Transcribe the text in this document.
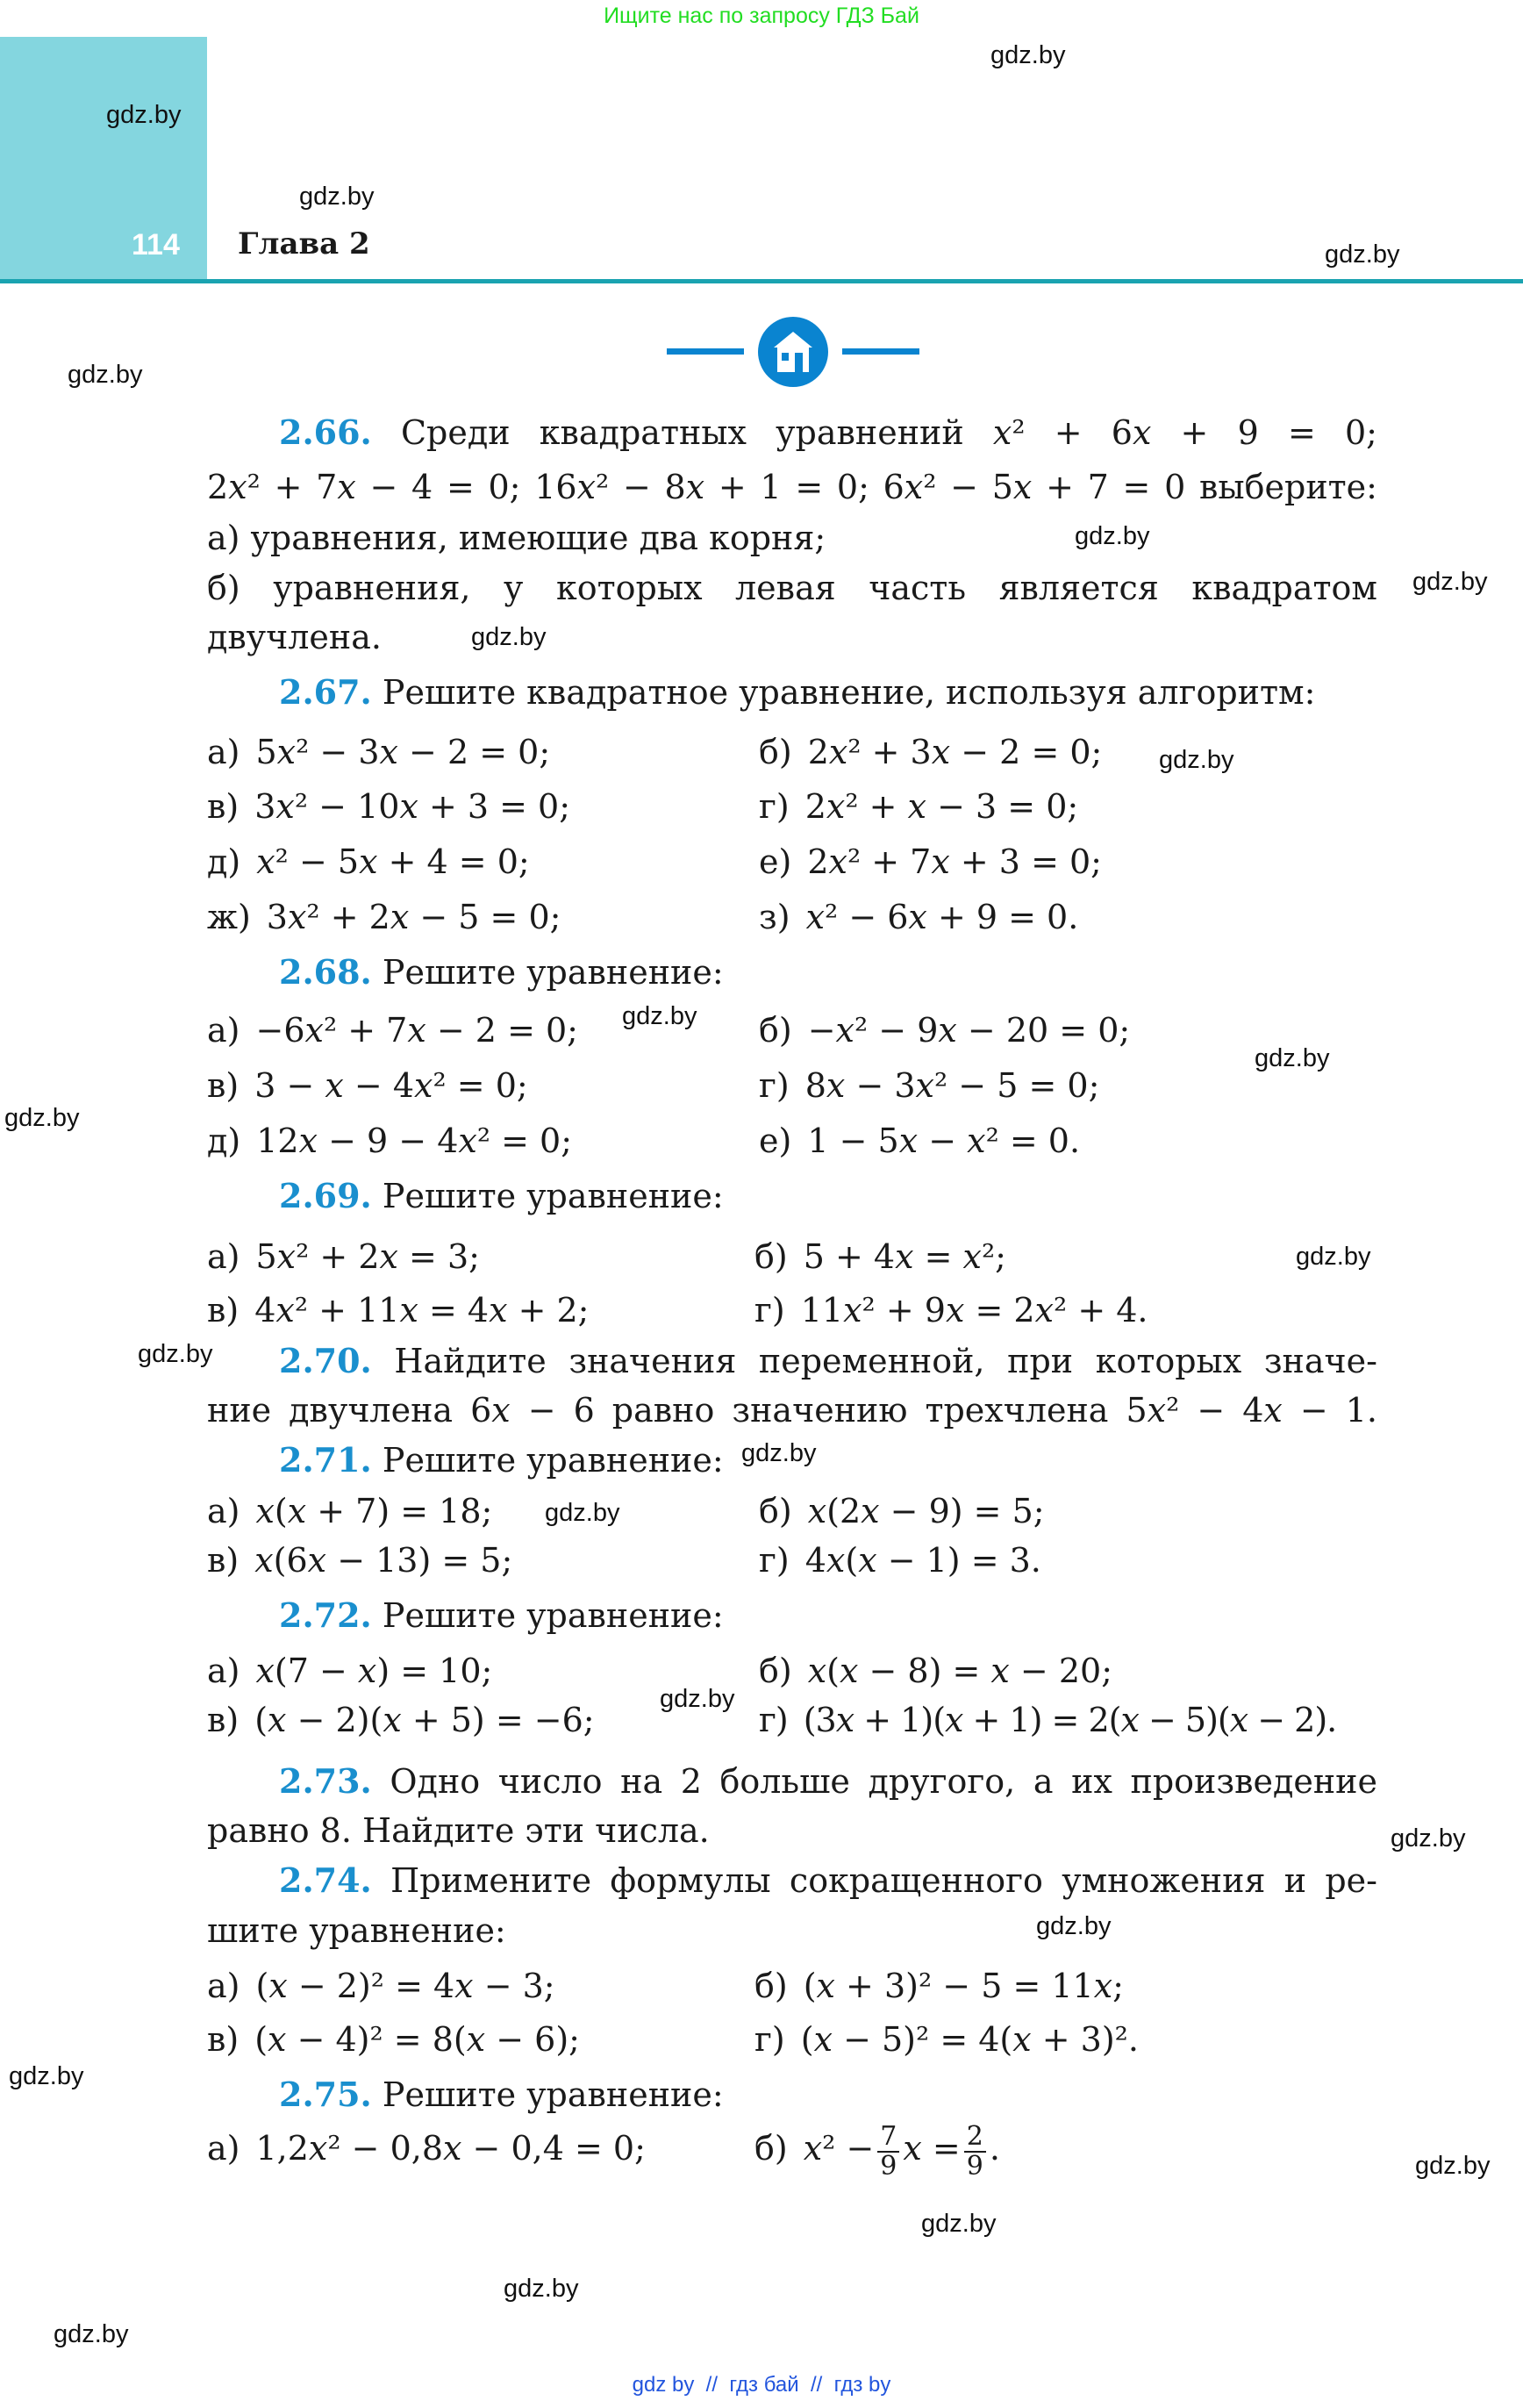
Ищите нас по запросу ГДЗ Бай
114 Глава 2
2.66. Среди квадратных уравнений x² + 6x + 9 = 0;
2x² + 7x − 4 = 0; 16x² − 8x + 1 = 0; 6x² − 5x + 7 = 0 выберите:
а) уравнения, имеющие два корня;
б) уравнения, у которых левая часть является квадратом
двучлена.
2.67. Решите квадратное уравнение, используя алгоритм:
а) 5x² − 3x − 2 = 0;	б) 2x² + 3x − 2 = 0;
в) 3x² − 10x + 3 = 0;	г) 2x² + x − 3 = 0;
д) x² − 5x + 4 = 0;	е) 2x² + 7x + 3 = 0;
ж) 3x² + 2x − 5 = 0;	з) x² − 6x + 9 = 0.
2.68. Решите уравнение:
а) −6x² + 7x − 2 = 0;	б) −x² − 9x − 20 = 0;
в) 3 − x − 4x² = 0;	г) 8x − 3x² − 5 = 0;
д) 12x − 9 − 4x² = 0;	е) 1 − 5x − x² = 0.
2.69. Решите уравнение:
а) 5x² + 2x = 3;	б) 5 + 4x = x²;
в) 4x² + 11x = 4x + 2;	г) 11x² + 9x = 2x² + 4.
2.70. Найдите значения переменной, при которых значе-
ние двучлена 6x − 6 равно значению трехчлена 5x² − 4x − 1.
2.71. Решите уравнение:
а) x(x + 7) = 18;	б) x(2x − 9) = 5;
в) x(6x − 13) = 5;	г) 4x(x − 1) = 3.
2.72. Решите уравнение:
а) x(7 − x) = 10;	б) x(x − 8) = x − 20;
в) (x − 2)(x + 5) = −6;	г) (3x + 1)(x + 1) = 2(x − 5)(x − 2).
2.73. Одно число на 2 больше другого, а их произведение
равно 8. Найдите эти числа.
2.74. Примените формулы сокращенного умножения и ре-
шите уравнение:
а) (x − 2)² = 4x − 3;	б) (x + 3)² − 5 = 11x;
в) (x − 4)² = 8(x − 6);	г) (x − 5)² = 4(x + 3)².
2.75. Решите уравнение:
а) 1,2x² − 0,8x − 0,4 = 0;	б) $x^2 - \frac{7}{9}$ $x = \frac{2}{9}$ .
gdz.by
gdz.by
gdz.by
gdz.by
gdz.by
gdz.by
gdz.by
gdz.by
gdz.by
gdz.by
gdz.by
gdz.by
gdz.by
gdz.by
gdz.by
gdz.by
gdz.by
gdz.by
gdz.by
gdz.by
gdz.by
gdz.by
gdz.by
gdz.by
gdz by  //  гдз бай  //  гдз by
